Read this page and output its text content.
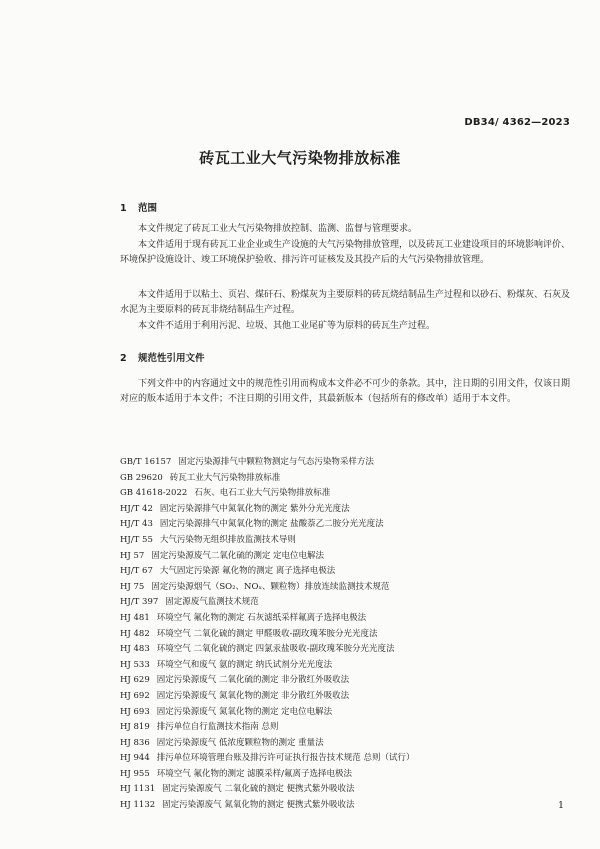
DB34/ 4362—2023
砖瓦工业大气污染物排放标准
1 范围

本文件规定了砖瓦工业大气污染物排放控制、监测、监督与管理要求。

本文件适用于现有砖瓦工业企业或生产设施的大气污染物排放管理，以及砖瓦工业建设项目的环境影响评价、环境保护设施设计、竣工环境保护验收、排污许可证核发及其投产后的大气污染物排放管理。

本文件适用于以粘土、页岩、煤矸石、粉煤灰为主要原料的砖瓦烧结制品生产过程和以砂石、粉煤灰、石灰及水泥为主要原料的砖瓦非烧结制品生产过程。

本文件不适用于利用污泥、垃圾、其他工业尾矿等为原料的砖瓦生产过程。

2 规范性引用文件

下列文件中的内容通过文中的规范性引用而构成本文件必不可少的条款。其中，注日期的引用文件，仅该日期对应的版本适用于本文件；不注日期的引用文件，其最新版本（包括所有的修改单）适用于本文件。

GB/T 16157 固定污染源排气中颗粒物测定与气态污染物采样方法
GB 29620 砖瓦工业大气污染物排放标准
GB 41618-2022 石灰、电石工业大气污染物排放标准
HJ/T 42 固定污染源排气中氮氧化物的测定 紫外分光光度法
HJ/T 43 固定污染源排气中氮氧化物的测定 盐酸萘乙二胺分光光度法
HJ/T 55 大气污染物无组织排放监测技术导则
HJ 57 固定污染源废气二氧化硫的测定 定电位电解法
HJ/T 67 大气固定污染源 氟化物的测定 离子选择电极法
HJ 75 固定污染源烟气（SO₂、NOₓ、颗粒物）排放连续监测技术规范
HJ/T 397 固定源废气监测技术规范
HJ 481 环境空气 氟化物的测定 石灰滤纸采样氟离子选择电极法
HJ 482 环境空气 二氧化硫的测定 甲醛吸收-副玫瑰苯胺分光光度法
HJ 483 环境空气 二氧化硫的测定 四氯汞盐吸收-副玫瑰苯胺分光光度法
HJ 533 环境空气和废气 氨的测定 纳氏试剂分光光度法
HJ 629 固定污染源废气 二氧化硫的测定 非分散红外吸收法
HJ 692 固定污染源废气 氮氧化物的测定 非分散红外吸收法
HJ 693 固定污染源废气 氮氧化物的测定 定电位电解法
HJ 819 排污单位自行监测技术指南 总则
HJ 836 固定污染源废气 低浓度颗粒物的测定 重量法
HJ 944 排污单位环境管理台账及排污许可证执行报告技术规范 总则（试行）
HJ 955 环境空气 氟化物的测定 滤膜采样/氟离子选择电极法
HJ 1131 固定污染源废气 二氧化硫的测定 便携式紫外吸收法
HJ 1132 固定污染源废气 氮氧化物的测定 便携式紫外吸收法	1
